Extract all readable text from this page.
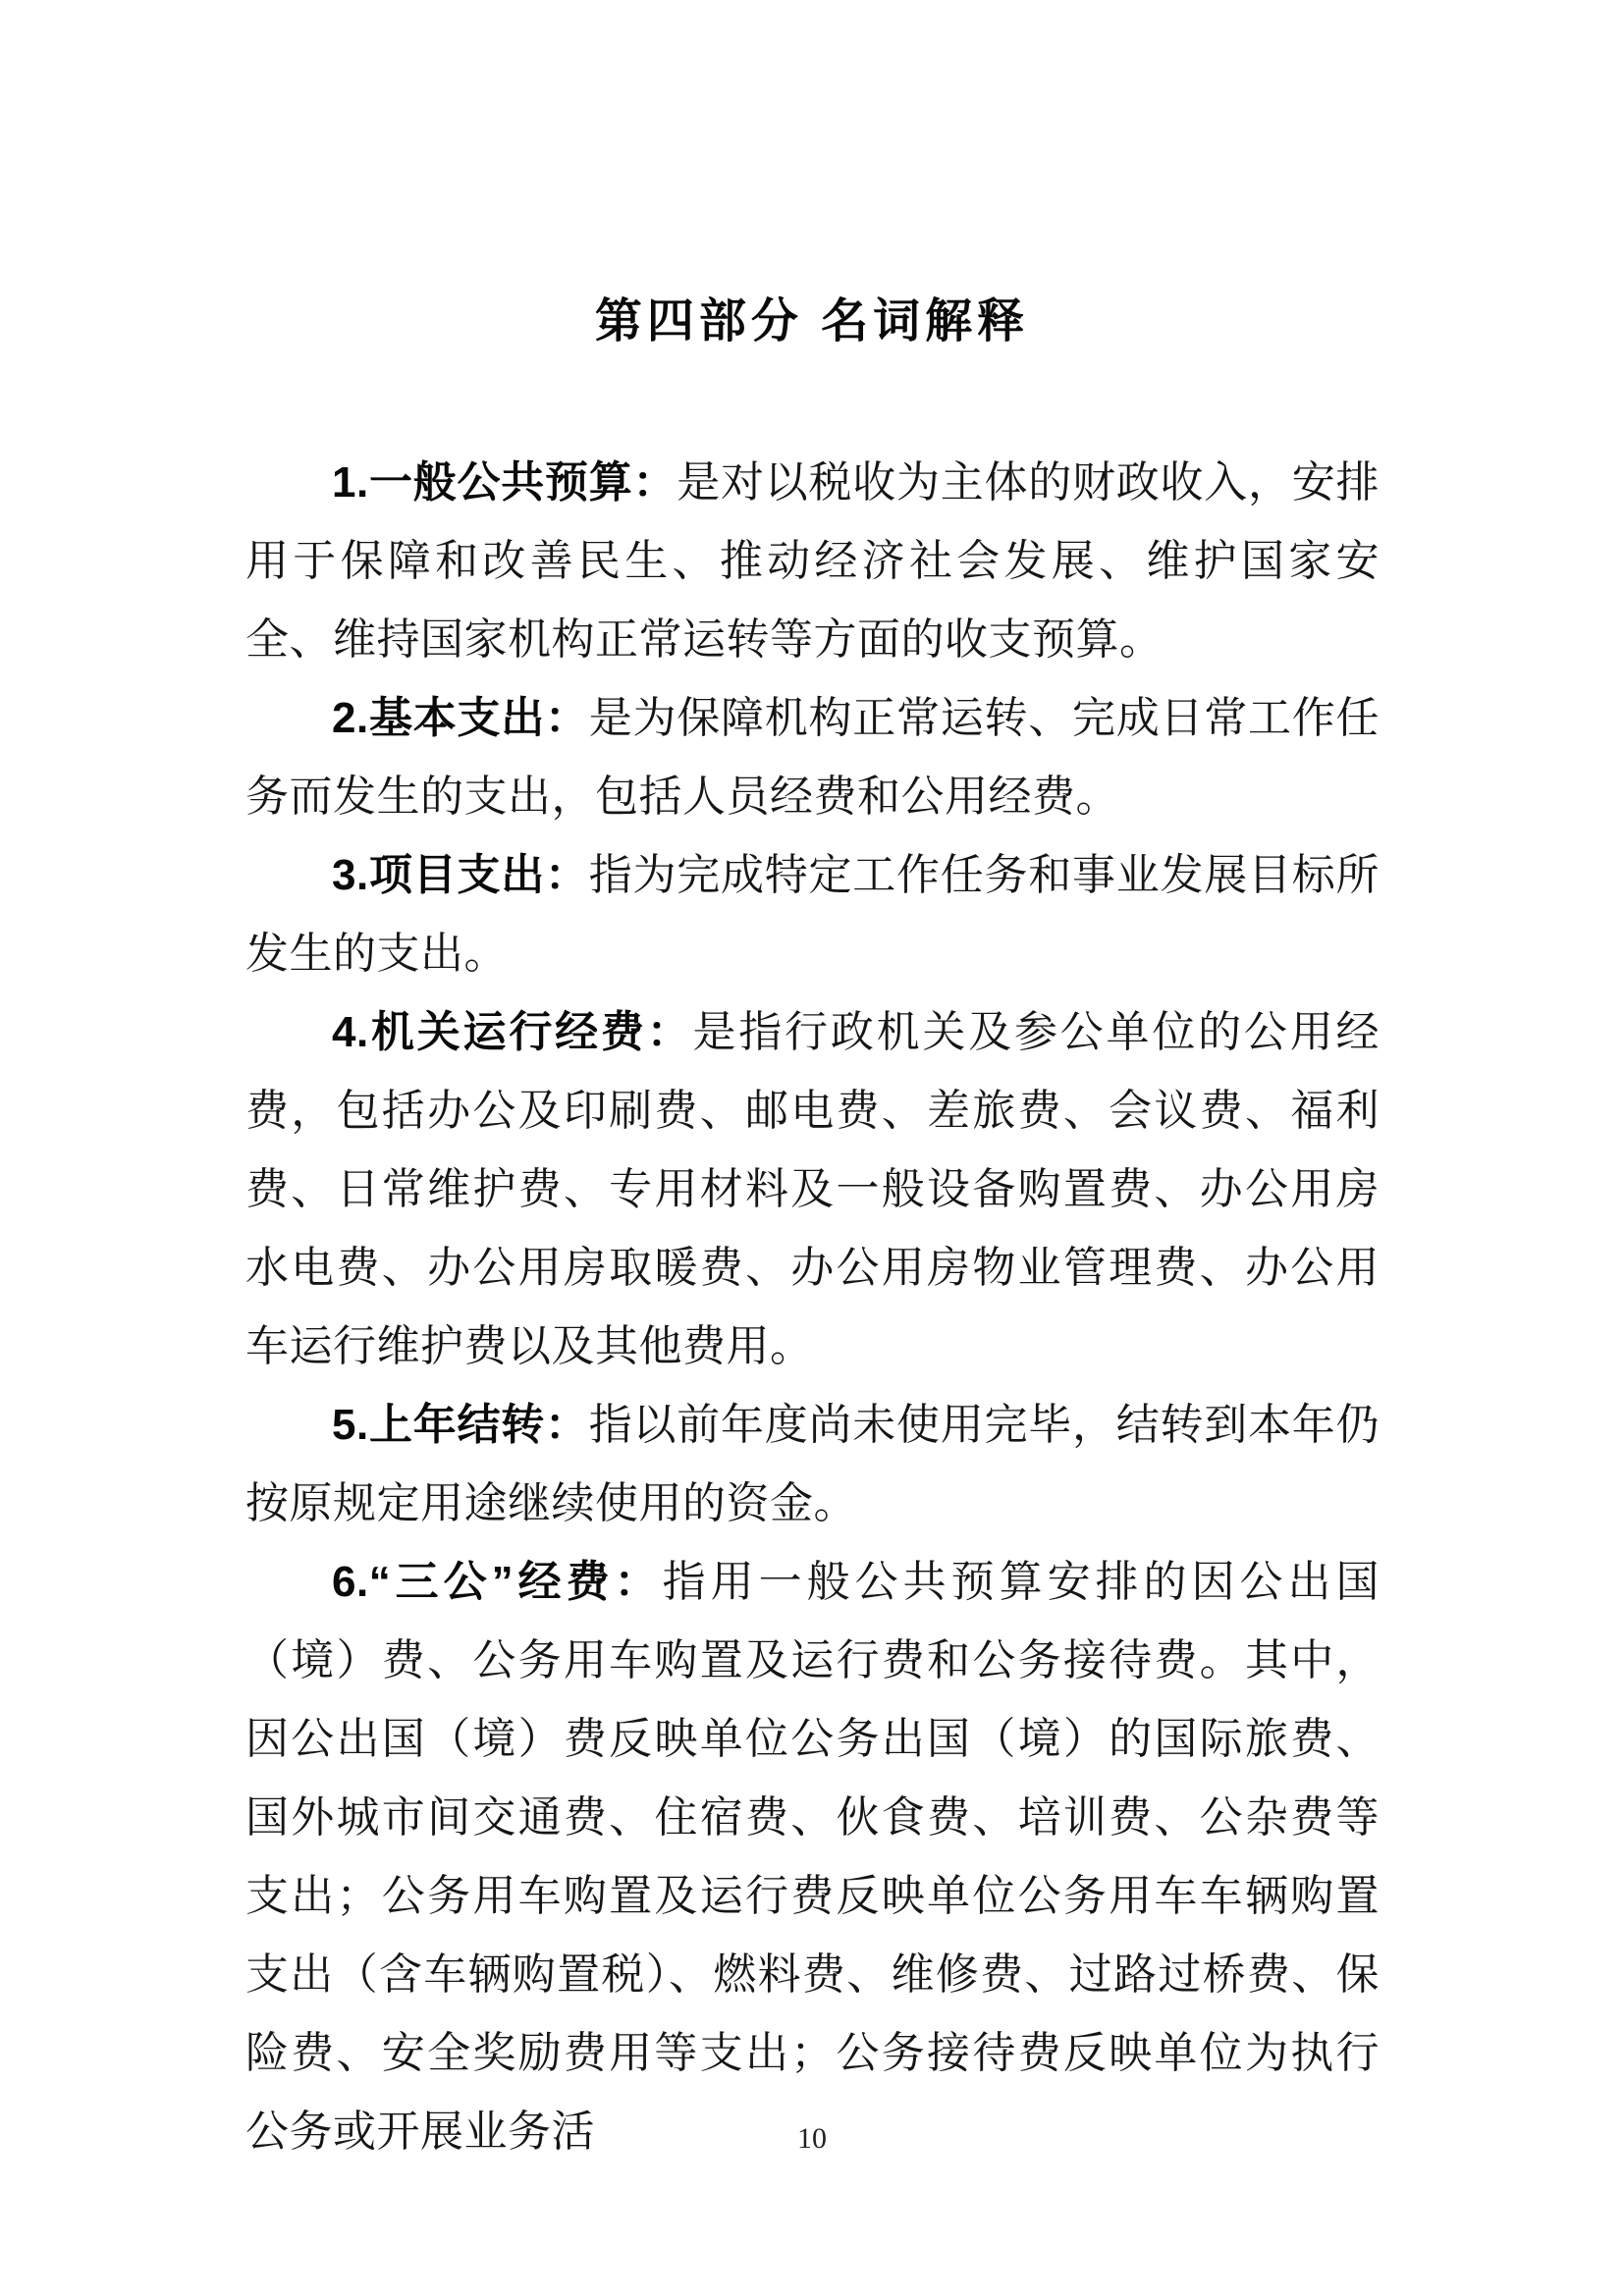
第四部分 名词解释

1.一般公共预算：是对以税收为主体的财政收入，安排用于保障和改善民生、推动经济社会发展、维护国家安全、维持国家机构正常运转等方面的收支预算。

2.基本支出：是为保障机构正常运转、完成日常工作任务而发生的支出，包括人员经费和公用经费。

3.项目支出：指为完成特定工作任务和事业发展目标所发生的支出。

4.机关运行经费：是指行政机关及参公单位的公用经费，包括办公及印刷费、邮电费、差旅费、会议费、福利费、日常维护费、专用材料及一般设备购置费、办公用房水电费、办公用房取暖费、办公用房物业管理费、办公用车运行维护费以及其他费用。

5.上年结转：指以前年度尚未使用完毕，结转到本年仍按原规定用途继续使用的资金。

6.“三公”经费：指用一般公共预算安排的因公出国（境）费、公务用车购置及运行费和公务接待费。其中，因公出国（境）费反映单位公务出国（境）的国际旅费、国外城市间交通费、住宿费、伙食费、培训费、公杂费等支出；公务用车购置及运行费反映单位公务用车车辆购置支出（含车辆购置税）、燃料费、维修费、过路过桥费、保险费、安全奖励费用等支出；公务接待费反映单位为执行公务或开展业务活	10
